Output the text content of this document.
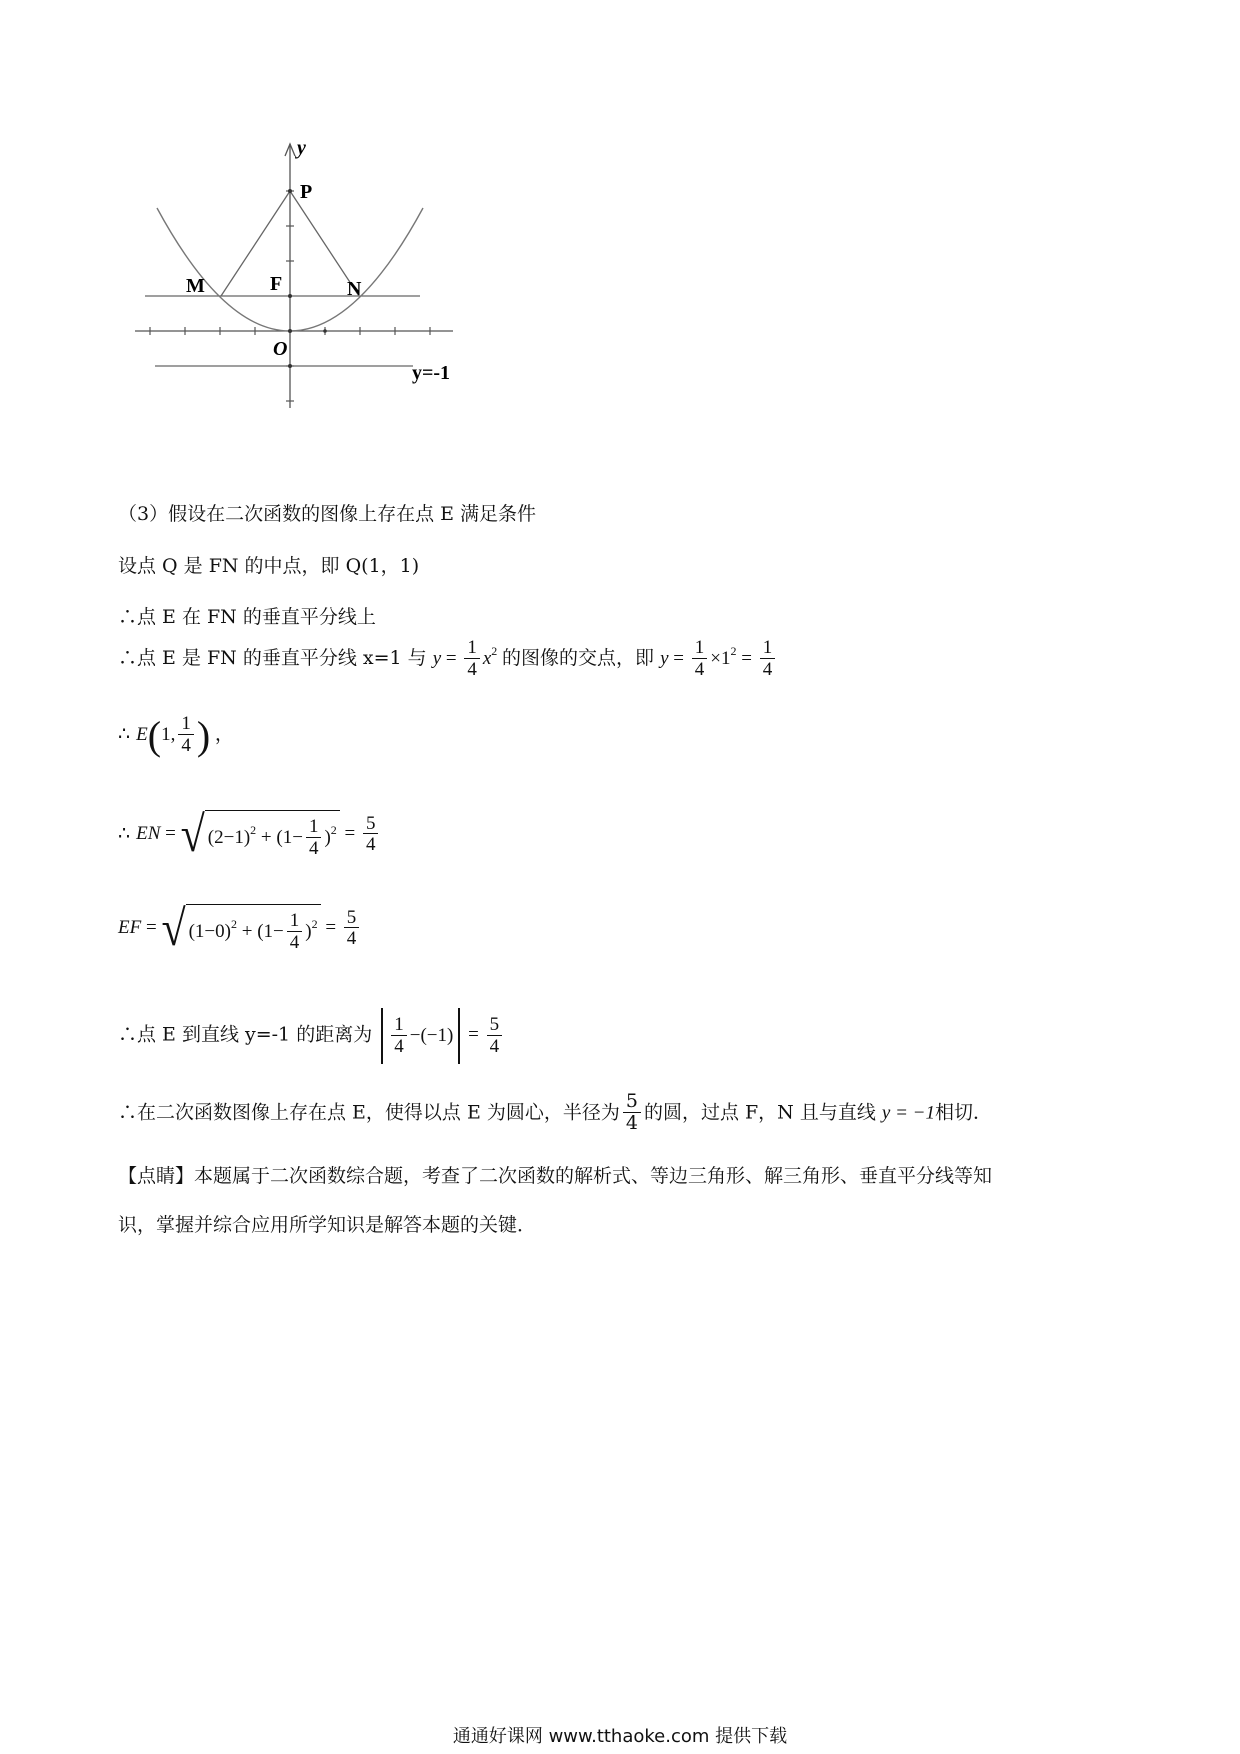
y
P
M	F	N
O
y=-1
（3）假设在二次函数的图像上存在点 E 满足条件
设点 Q 是 FN 的中点，即 Q(1，1)
∴点 E 在 FN 的垂直平分线上
∴点 E 是 FN 的垂直平分线 x=1 与 $y = \frac{1}{4} x^2$ 的图像的交点，即 $y = \frac{1}{4} \times 1^2 = \frac{1}{4}$
∴ E(1, $\frac{1}{4}$ ) ，
∴ EN = √ $(2-1)^2 + (1- \frac{1}{4} )^2 = \frac{5}{4}$
EF = √ $(1-0)^2 + (1- \frac{1}{4} )^2 = \frac{5}{4}$
∴点 E 到直线 y=-1 的距离为 $\frac{1}{4} - (-1) = \frac{5}{4}$
∴在二次函数图像上存在点 E，使得以点 E 为圆心，半径为 $\frac{5}{4}$ 的圆，过点 F，N 且与直线 y = −1相切．
【点睛】本题属于二次函数综合题，考查了二次函数的解析式、等边三角形、解三角形、垂直平分线等知
识，掌握并综合应用所学知识是解答本题的关键．
通通好课网 www.tthaoke.com 提供下载
